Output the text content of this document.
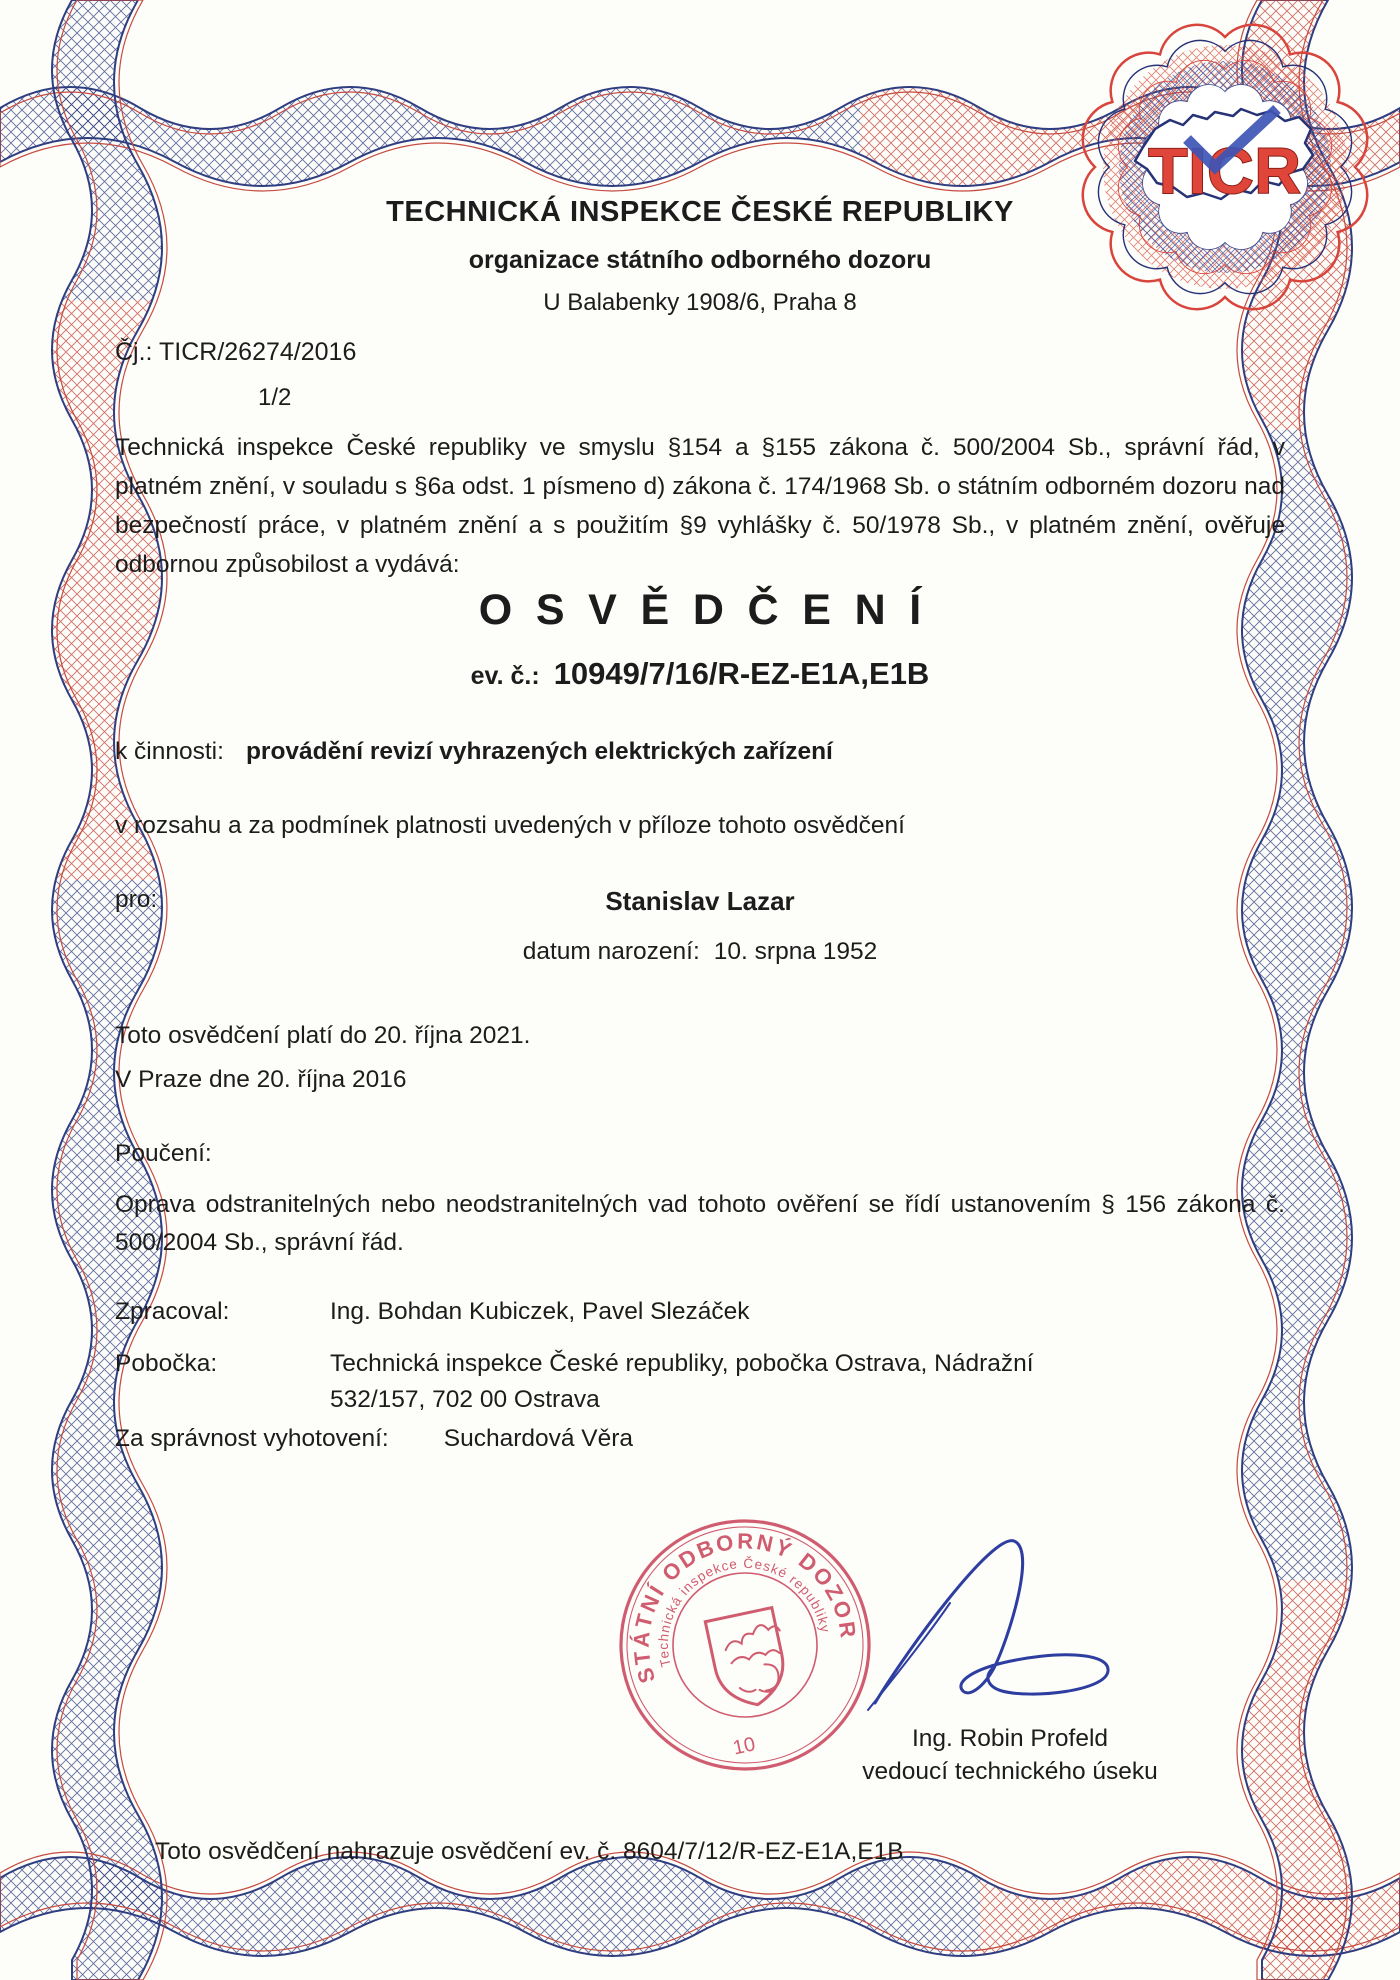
TICR
TECHNICKÁ INSPEKCE ČESKÉ REPUBLIKY
organizace státního odborného dozoru
U Balabenky 1908/6, Praha 8
Čj.: TICR/26274/2016
1/2
Technická inspekce České republiky ve smyslu §154 a §155 zákona č. 500/2004 Sb., správní řád, v platném znění, v souladu s §6a odst. 1 písmeno d) zákona č. 174/1968 Sb. o státním odborném dozoru nad bezpečností práce, v platném znění a s použitím §9 vyhlášky č. 50/1978 Sb., v platném znění, ověřuje odbornou způsobilost a vydává:
OSVĚDČENÍ
ev. č.: 10949/7/16/R-EZ-E1A,E1B
k činnosti: provádění revizí vyhrazených elektrických zařízení
v rozsahu a za podmínek platnosti uvedených v příloze tohoto osvědčení
pro:	Stanislav Lazar
datum narození: 10. srpna 1952
Toto osvědčení platí do 20. října 2021.
V Praze dne 20. října 2016
Poučení:
Oprava odstranitelných nebo neodstranitelných vad tohoto ověření se řídí ustanovením § 156 zákona č. 500/2004 Sb., správní řád.
Zpracoval:	Ing. Bohdan Kubiczek, Pavel Slezáček
Pobočka:	Technická inspekce České republiky, pobočka Ostrava, Nádražní 532/157, 702 00 Ostrava
Za správnost vyhotovení: Suchardová Věra
STÁTNÍ ODBORNÝ DOZOR
Technická inspekce České republiky
10	Ing. Robin Profeld
vedoucí technického úseku
Toto osvědčení nahrazuje osvědčení ev. č. 8604/7/12/R-EZ-E1A,E1B
